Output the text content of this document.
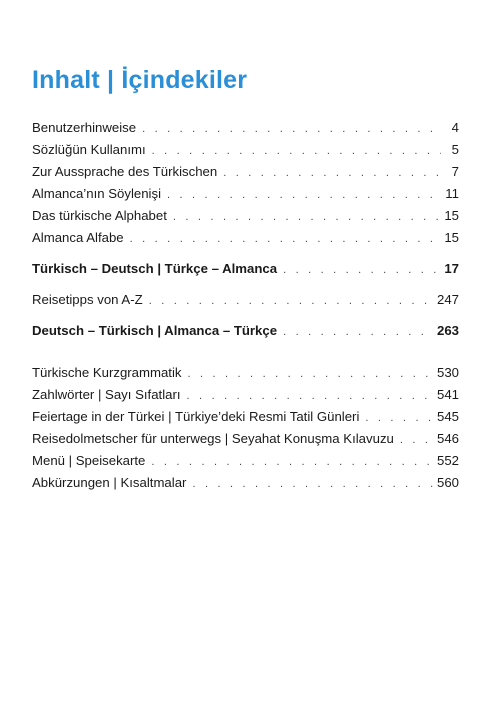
Inhalt | İçindekiler
Benutzerhinweise . . .	4
Sözlüğün Kullanımı . . .	5
Zur Aussprache des Türkischen . . .	7
Almanca’nın Söylenişi . . .	11
Das türkische Alphabet . . .	15
Almanca Alfabe . . .	15
Türkisch – Deutsch | Türkçe – Almanca . . .	17
Reisetipps von A-Z . . .	247
Deutsch – Türkisch | Almanca – Türkçe . . .	263
Türkische Kurzgrammatik . . .	530
Zahlwörter | Sayı Sıfatları . . .	541
Feiertage in der Türkei | Türkiye’deki Resmi Tatil Günleri . . .	545
Reisedolmetscher für unterwegs | Seyahat Konuşma Kılavuzu . . .	546
Menü | Speisekarte . . .	552
Abkürzungen | Kısaltmalar . . .	560
